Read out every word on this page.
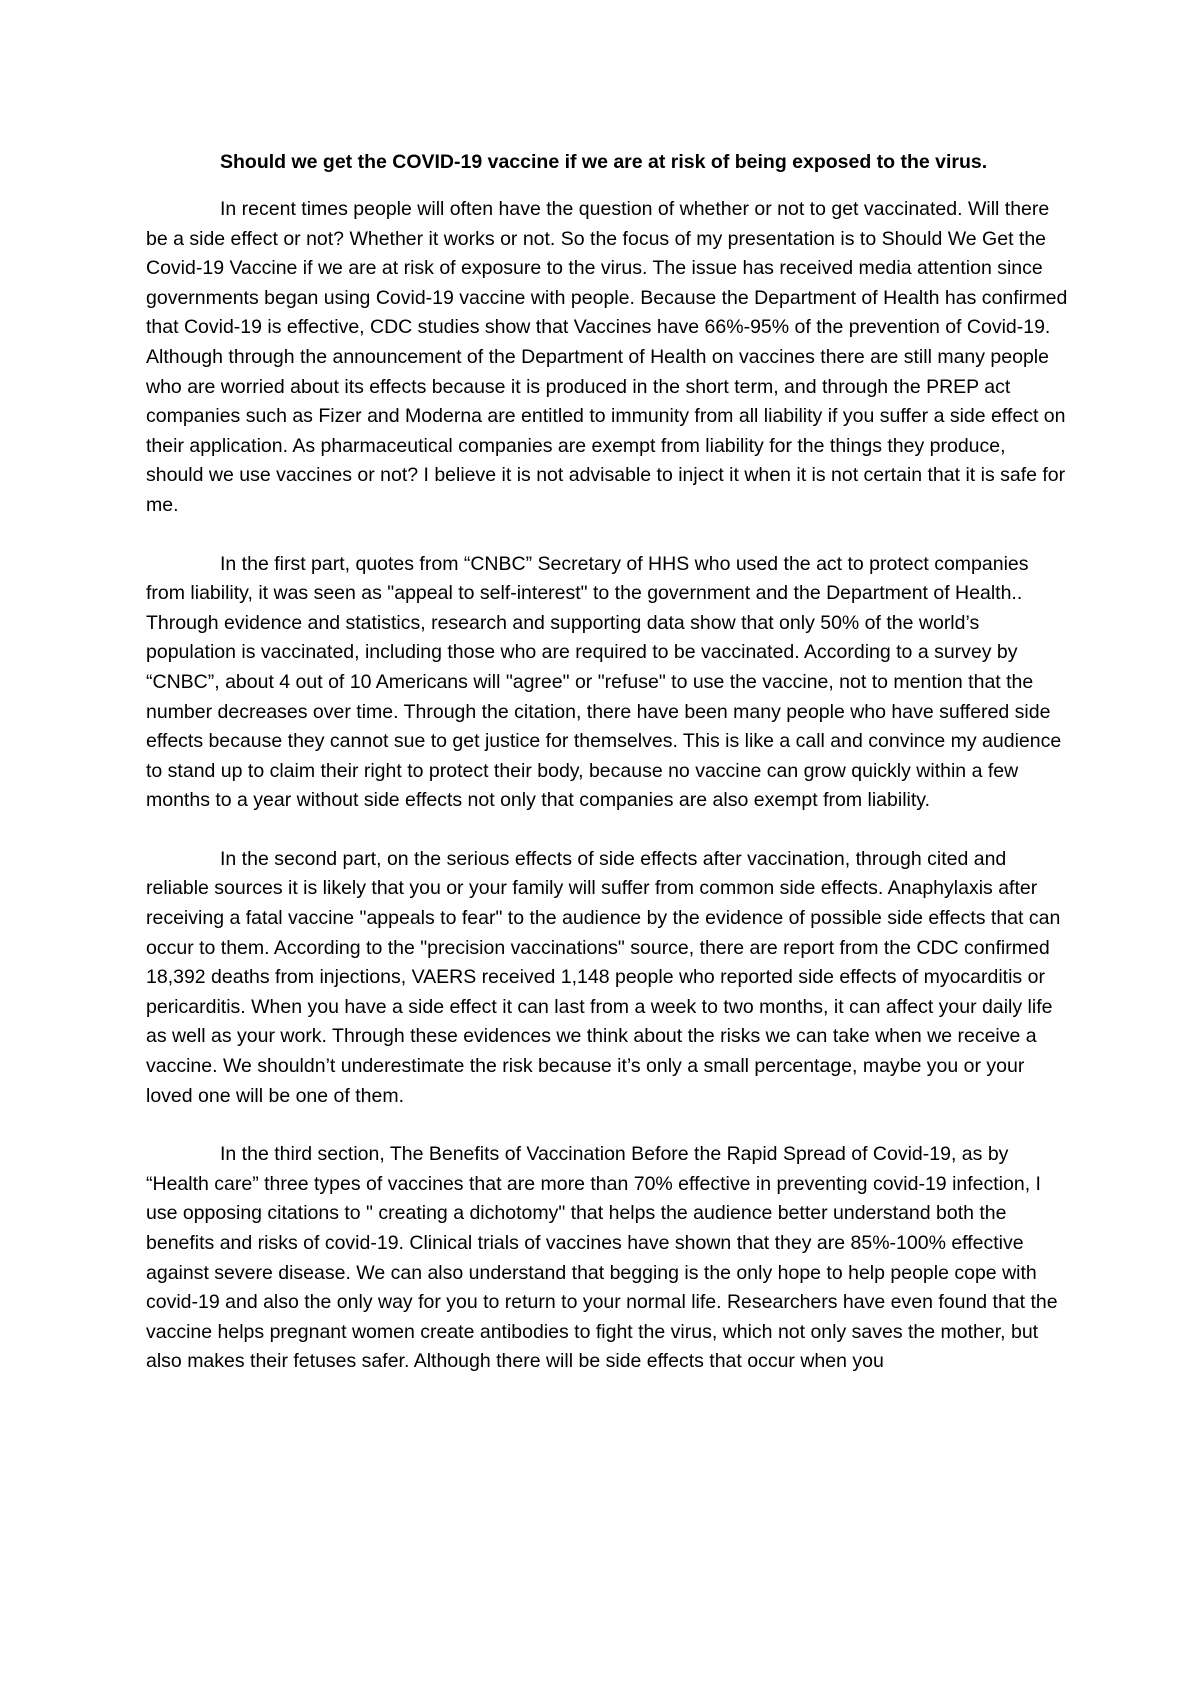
Should we get the COVID-19 vaccine if we are at risk of being exposed to the virus.

In recent times people will often have the question of whether or not to get vaccinated. Will there be a side effect or not? Whether it works or not. So the focus of my presentation is to Should We Get the Covid-19 Vaccine if we are at risk of exposure to the virus. The issue has received media attention since governments began using Covid-19 vaccine with people. Because the Department of Health has confirmed that Covid-19 is effective, CDC studies show that Vaccines have 66%-95% of the prevention of Covid-19. Although through the announcement of the Department of Health on vaccines there are still many people who are worried about its effects because it is produced in the short term, and through the PREP act companies such as Fizer and Moderna are entitled to immunity from all liability if you suffer a side effect on their application. As pharmaceutical companies are exempt from liability for the things they produce, should we use vaccines or not? I believe it is not advisable to inject it when it is not certain that it is safe for me.

In the first part, quotes from “CNBC” Secretary of HHS who used the act to protect companies from liability, it was seen as "appeal to self-interest" to the government and the Department of Health.. Through evidence and statistics, research and supporting data show that only 50% of the world’s population is vaccinated, including those who are required to be vaccinated. According to a survey by “CNBC”, about 4 out of 10 Americans will "agree" or "refuse" to use the vaccine, not to mention that the number decreases over time. Through the citation, there have been many people who have suffered side effects because they cannot sue to get justice for themselves. This is like a call and convince my audience to stand up to claim their right to protect their body, because no vaccine can grow quickly within a few months to a year without side effects not only that companies are also exempt from liability.

In the second part, on the serious effects of side effects after vaccination, through cited and reliable sources it is likely that you or your family will suffer from common side effects. Anaphylaxis after receiving a fatal vaccine "appeals to fear" to the audience by the evidence of possible side effects that can occur to them. According to the "precision vaccinations" source, there are report from the CDC confirmed 18,392 deaths from injections, VAERS received 1,148 people who reported side effects of myocarditis or pericarditis. When you have a side effect it can last from a week to two months, it can affect your daily life as well as your work. Through these evidences we think about the risks we can take when we receive a vaccine. We shouldn’t underestimate the risk because it’s only a small percentage, maybe you or your loved one will be one of them.

In the third section, The Benefits of Vaccination Before the Rapid Spread of Covid-19, as by “Health care” three types of vaccines that are more than 70% effective in preventing covid-19 infection, I use opposing citations to " creating a dichotomy" that helps the audience better understand both the benefits and risks of covid-19. Clinical trials of vaccines have shown that they are 85%-100% effective against severe disease. We can also understand that begging is the only hope to help people cope with covid-19 and also the only way for you to return to your normal life. Researchers have even found that the vaccine helps pregnant women create antibodies to fight the virus, which not only saves the mother, but also makes their fetuses safer. Although there will be side effects that occur when you
